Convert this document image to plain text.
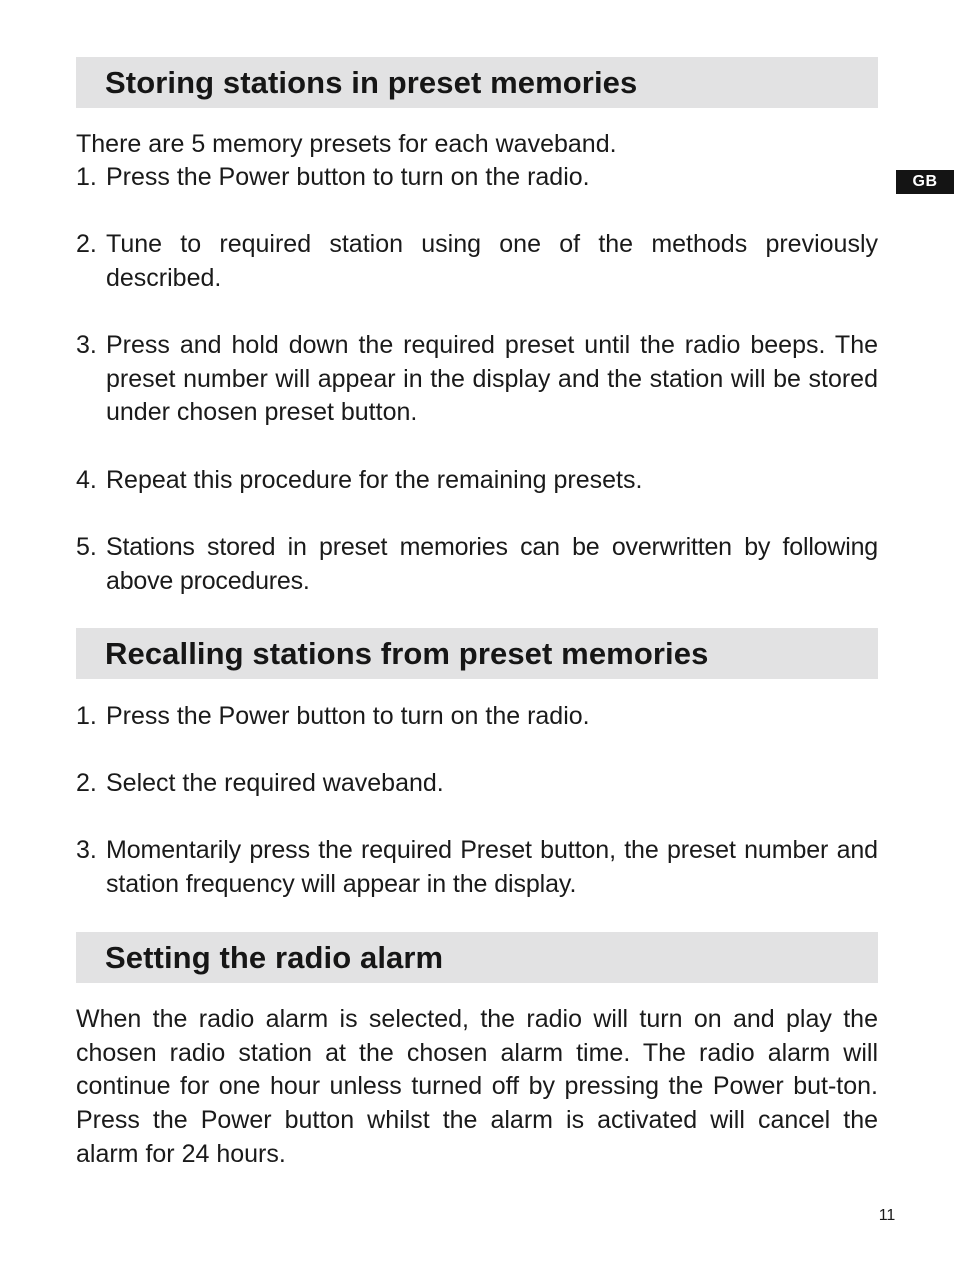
Storing stations in preset memories

There are 5 memory presets for each waveband.

1. Press the Power button to turn on the radio.
2. Tune to required station using one of the methods previously described.
3. Press and hold down the required preset until the radio beeps. The preset number will appear in the display and the station will be stored under chosen preset button.
4. Repeat this procedure for the remaining presets.
5. Stations stored in preset memories can be overwritten by following above procedures.
Recalling stations from preset memories
1. Press the Power button to turn on the radio.
2. Select the required waveband.
3. Momentarily press the required Preset button, the preset number and station frequency will appear in the display.
Setting the radio alarm

When the radio alarm is selected, the radio will turn on and play the chosen radio station at the chosen alarm time. The radio alarm will continue for one hour unless turned off by pressing the Power but-ton. Press the Power button whilst the alarm is activated will cancel the alarm for 24 hours.

GB
11
